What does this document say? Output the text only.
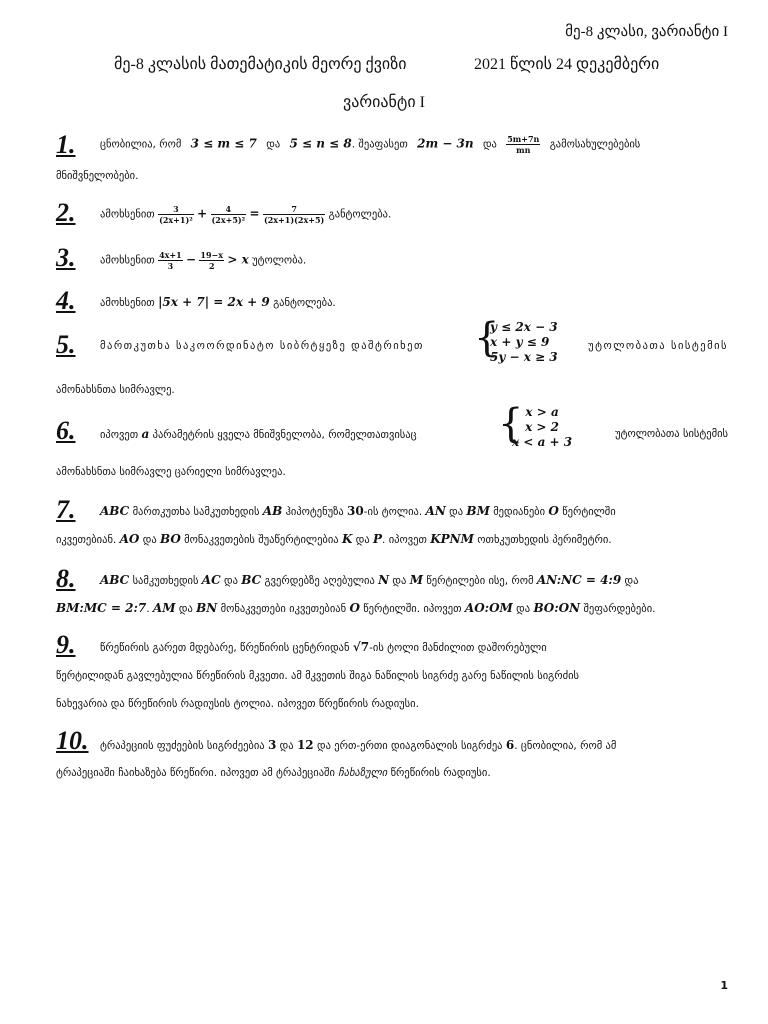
მე-8 კლასი, ვარიანტი I
მე-8 კლასის მათემატიკის მეორე ქვიზი	2021 წლის 24 დეკემბერი
ვარიანტი I
1. ცნობილია, რომ 3 ≤ m ≤ 7 და 5 ≤ n ≤ 8. შეაფასეთ 2m − 3n და $\frac{5m+7n}{mn}$ გამოსახულებების
მნიშვნელობები.
2. ამოხსენით $\frac{3}{\text{(2x+1)²}} + \frac{4}{\text{(2x+5)²}} = \frac{7}{(2x+1)(2x+5)}$ განტოლება.
3. ამოხსენით $\frac{4x+1}{3} - \frac{19-x}{2} > x$ უტოლობა.
4. ამოხსენით |5x + 7| = 2x + 9 განტოლება.
5. მართკუთხა საკოორდინატო სიბრტყეზე დაშტრიხეთ	{
y ≤ 2x − 3
x + y ≤ 9
5y − x ≥ 3
უტოლობათა სისტემის
ამონახსნთა სიმრავლე.
6. იპოვეთ a პარამეტრის ყველა მნიშვნელობა, რომელთათვისაც	{ x > a
x > 2
x < a + 3
უტოლობათა სისტემის
ამონახსნთა სიმრავლე ცარიელი სიმრავლეა.
7. ABC მართკუთხა სამკუთხედის AB ჰიპოტენუზა 30-ის ტოლია. AN და BM მედიანები O წერტილში
იკვეთებიან. AO და BO მონაკვეთების შუაწერტილებია K და P. იპოვეთ KPNM ოთხკუთხედის პერიმეტრი.
8. ABC სამკუთხედის AC და BC გვერდებზე აღებულია N და M წერტილები ისე, რომ AN:NC = 4:9 და
BM:MC = 2:7. AM და BN მონაკვეთები იკვეთებიან O წერტილში. იპოვეთ AO:OM და BO:ON შეფარდებები.
9. წრეწირის გარეთ მდებარე, წრეწირის ცენტრიდან √7-ის ტოლი მანძილით დაშორებული
წერტილიდან გავლებულია წრეწირის მკვეთი. ამ მკვეთის შიგა ნაწილის სიგრძე გარე ნაწილის სიგრძის
ნახევარია და წრეწირის რადიუსის ტოლია. იპოვეთ წრეწირის რადიუსი.
10. ტრაპეციის ფუძეების სიგრძეებია 3 და 12 და ერთ-ერთი დიაგონალის სიგრძეა 6. ცნობილია, რომ ამ
ტრაპეციაში ჩაიხაზება წრეწირი. იპოვეთ ამ ტრაპეციაში ჩახაზული წრეწირის რადიუსი.
1
